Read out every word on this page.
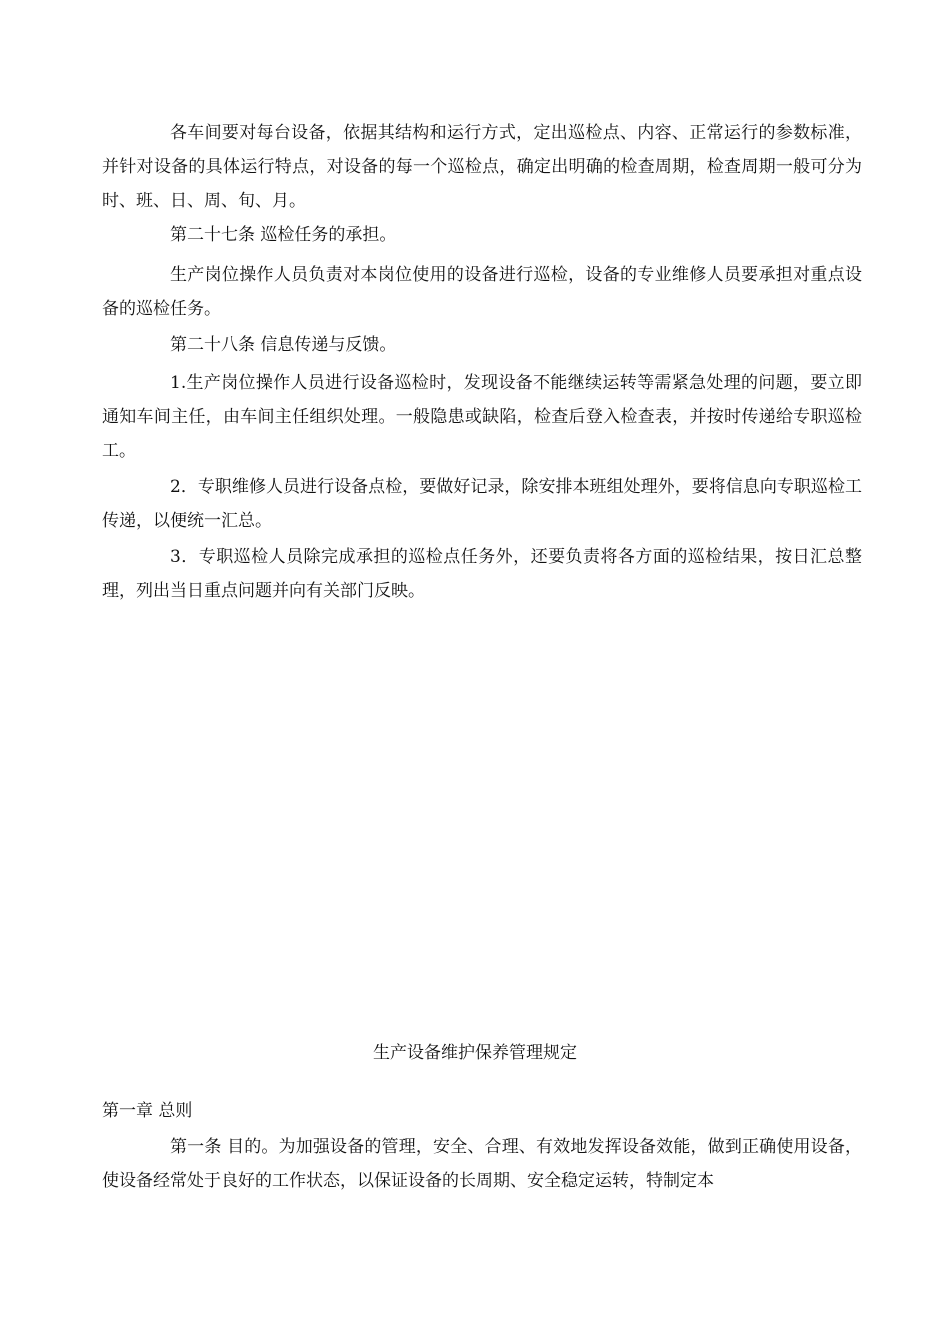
各车间要对每台设备，依据其结构和运行方式，定出巡检点、内容、正常运行的参数标准，并针对设备的具体运行特点，对设备的每一个巡检点，确定出明确的检查周期，检查周期一般可分为时、班、日、周、旬、月。

第二十七条 巡检任务的承担。

生产岗位操作人员负责对本岗位使用的设备进行巡检，设备的专业维修人员要承担对重点设备的巡检任务。

第二十八条 信息传递与反馈。

1.生产岗位操作人员进行设备巡检时，发现设备不能继续运转等需紧急处理的问题，要立即通知车间主任，由车间主任组织处理。一般隐患或缺陷，检查后登入检查表，并按时传递给专职巡检工。

2．专职维修人员进行设备点检，要做好记录，除安排本班组处理外，要将信息向专职巡检工传递，以便统一汇总。

3．专职巡检人员除完成承担的巡检点任务外，还要负责将各方面的巡检结果，按日汇总整理，列出当日重点问题并向有关部门反映。

生产设备维护保养管理规定

第一章 总则

第一条 目的。为加强设备的管理，安全、合理、有效地发挥设备效能，做到正确使用设备，使设备经常处于良好的工作状态，以保证设备的长周期、安全稳定运转，特制定本
